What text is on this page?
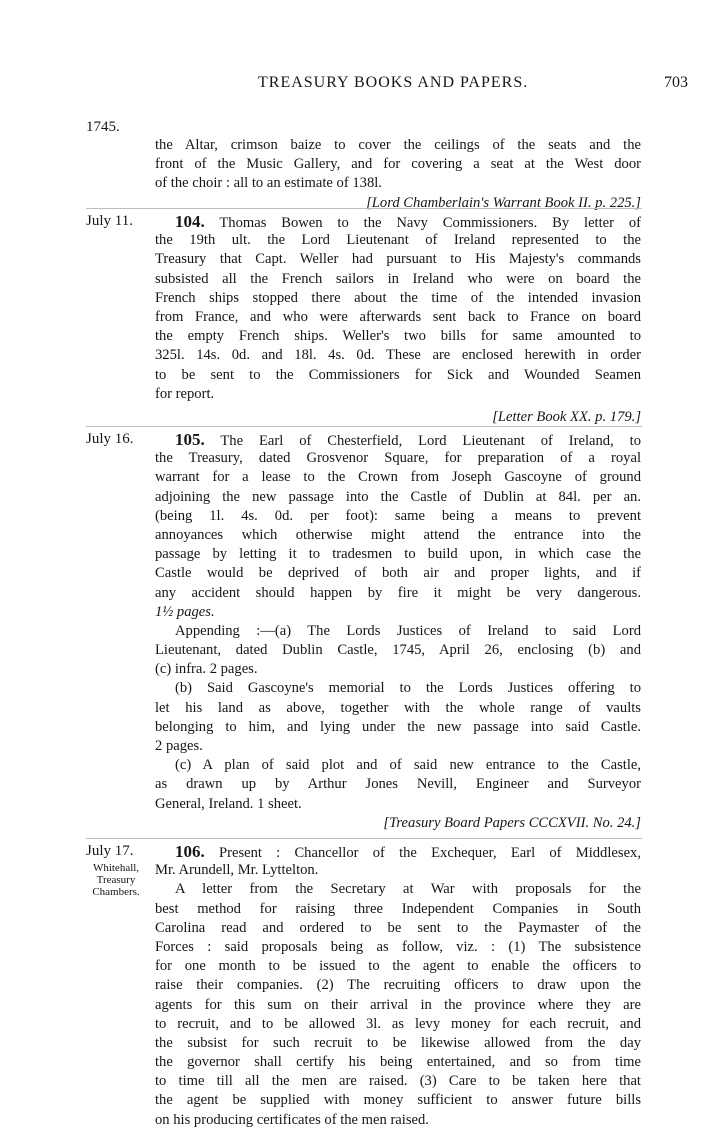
TREASURY BOOKS AND PAPERS.	703
1745.
the Altar, crimson baize to cover the ceilings of the seats and the
front of the Music Gallery, and for covering a seat at the West door
of the choir : all to an estimate of 138l.
[Lord Chamberlain's Warrant Book II. p. 225.]
July 11.	104. Thomas Bowen to the Navy Commissioners. By letter of
the 19th ult. the Lord Lieutenant of Ireland represented to the
Treasury that Capt. Weller had pursuant to His Majesty's commands
subsisted all the French sailors in Ireland who were on board the
French ships stopped there about the time of the intended invasion
from France, and who were afterwards sent back to France on board
the empty French ships. Weller's two bills for same amounted to
325l. 14s. 0d. and 18l. 4s. 0d. These are enclosed herewith in order
to be sent to the Commissioners for Sick and Wounded Seamen
for report.
[Letter Book XX. p. 179.]
July 16.	105. The Earl of Chesterfield, Lord Lieutenant of Ireland, to
the Treasury, dated Grosvenor Square, for preparation of a royal
warrant for a lease to the Crown from Joseph Gascoyne of ground
adjoining the new passage into the Castle of Dublin at 84l. per an.
(being 1l. 4s. 0d. per foot): same being a means to prevent
annoyances which otherwise might attend the entrance into the
passage by letting it to tradesmen to build upon, in which case the
Castle would be deprived of both air and proper lights, and if
any accident should happen by fire it might be very dangerous.
1½ pages.
Appending :—(a) The Lords Justices of Ireland to said Lord
Lieutenant, dated Dublin Castle, 1745, April 26, enclosing (b) and
(c) infra. 2 pages.
(b) Said Gascoyne's memorial to the Lords Justices offering to
let his land as above, together with the whole range of vaults
belonging to him, and lying under the new passage into said Castle.
2 pages.
(c) A plan of said plot and of said new entrance to the Castle,
as drawn up by Arthur Jones Nevill, Engineer and Surveyor
General, Ireland. 1 sheet.
[Treasury Board Papers CCCXVII. No. 24.]
July 17.
Whitehall,
Treasury
Chambers.
106. Present : Chancellor of the Exchequer, Earl of Middlesex,
Mr. Arundell, Mr. Lyttelton.
A letter from the Secretary at War with proposals for the
best method for raising three Independent Companies in South
Carolina read and ordered to be sent to the Paymaster of the
Forces : said proposals being as follow, viz. : (1) The subsistence
for one month to be issued to the agent to enable the officers to
raise their companies. (2) The recruiting officers to draw upon the
agents for this sum on their arrival in the province where they are
to recruit, and to be allowed 3l. as levy money for each recruit, and
the subsist for such recruit to be likewise allowed from the day
the governor shall certify his being entertained, and so from time
to time till all the men are raised. (3) Care to be taken here that
the agent be supplied with money sufficient to answer future bills
on his producing certificates of the men raised.
